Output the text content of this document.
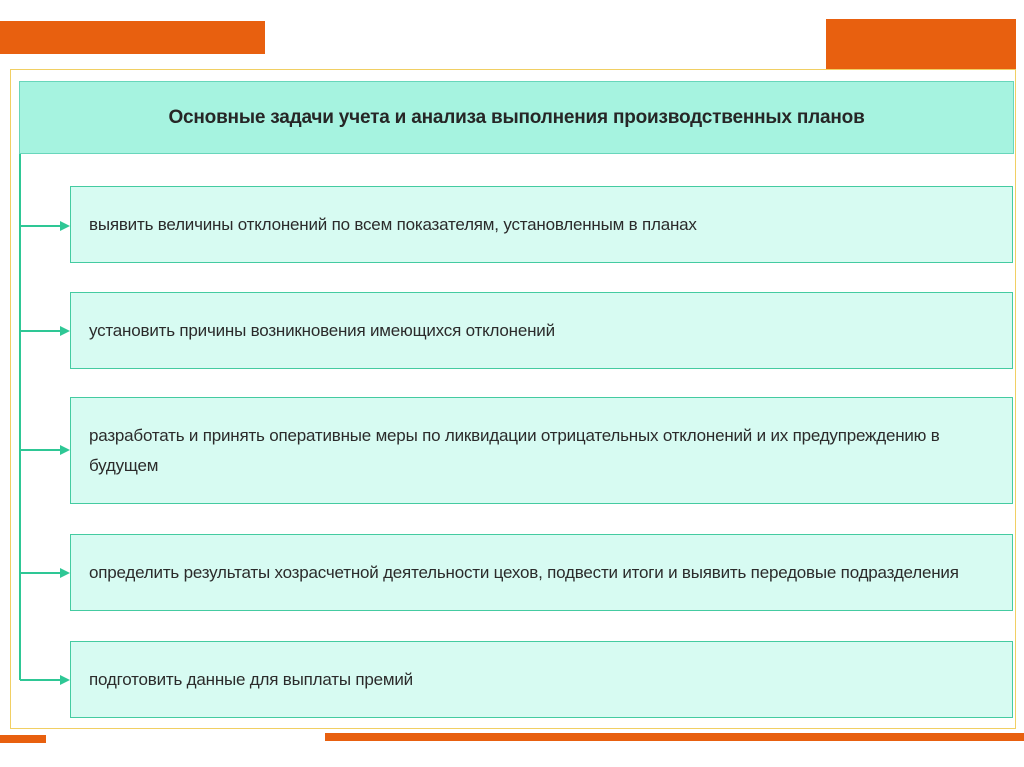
Основные задачи учета и анализа выполнения производственных планов
выявить величины отклонений по всем показателям, установленным в планах
установить причины возникновения имеющихся отклонений
разработать и принять оперативные меры по ликвидации отрицательных отклонений и их предупреждению в будущем
определить результаты хозрасчетной деятельности цехов, подвести итоги и выявить передовые подразделения
подготовить данные для выплаты премий
